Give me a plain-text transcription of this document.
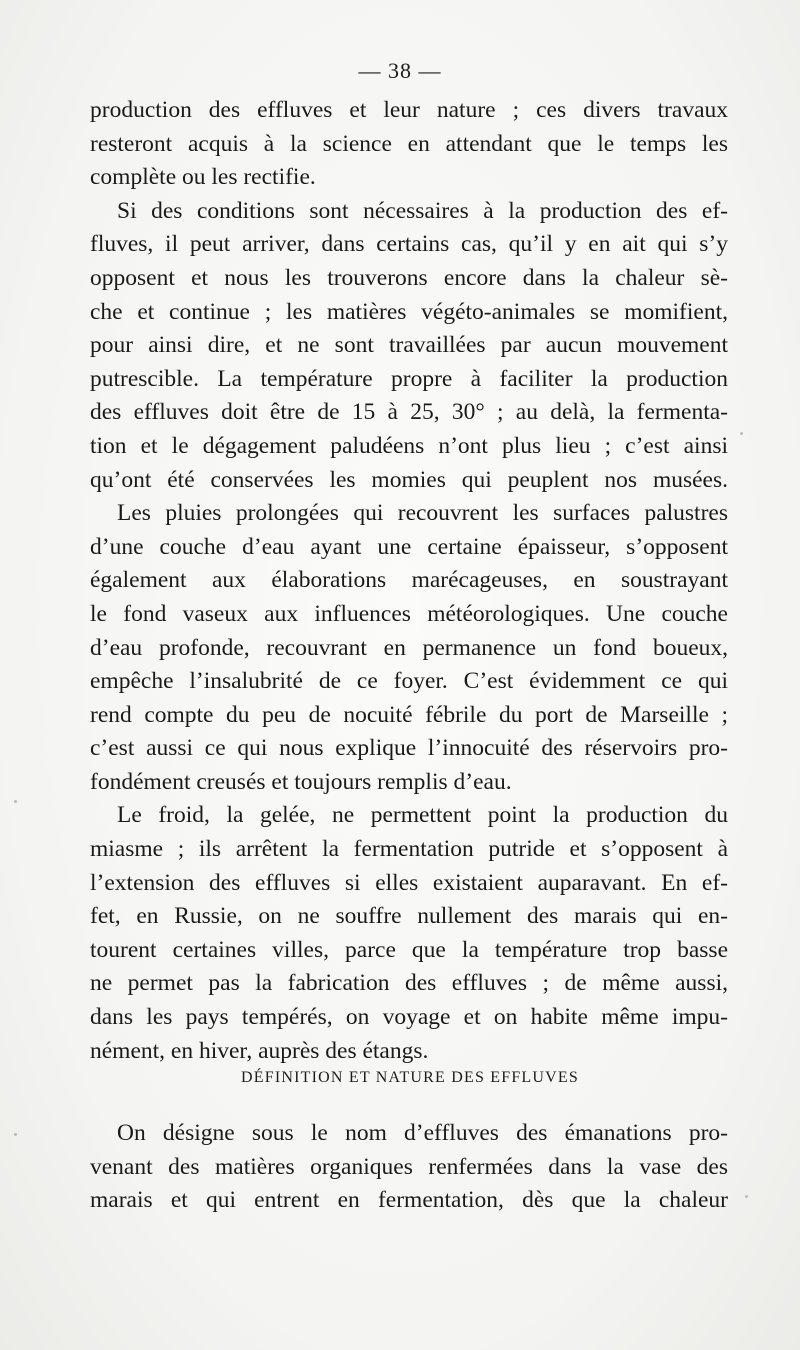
— 38 —
production des effluves et leur nature ; ces divers travaux
resteront acquis à la science en attendant que le temps les
complète ou les rectifie.
Si des conditions sont nécessaires à la production des ef-
fluves, il peut arriver, dans certains cas, qu’il y en ait qui s’y
opposent et nous les trouverons encore dans la chaleur sè-
che et continue ; les matières végéto-animales se momifient,
pour ainsi dire, et ne sont travaillées par aucun mouvement
putrescible. La température propre à faciliter la production
des effluves doit être de 15 à 25, 30° ; au delà, la fermenta-
tion et le dégagement paludéens n’ont plus lieu ; c’est ainsi
qu’ont été conservées les momies qui peuplent nos musées.
Les pluies prolongées qui recouvrent les surfaces palustres
d’une couche d’eau ayant une certaine épaisseur, s’opposent
également aux élaborations marécageuses, en soustrayant
le fond vaseux aux influences météorologiques. Une couche
d’eau profonde, recouvrant en permanence un fond boueux,
empêche l’insalubrité de ce foyer. C’est évidemment ce qui
rend compte du peu de nocuité fébrile du port de Marseille ;
c’est aussi ce qui nous explique l’innocuité des réservoirs pro-
fondément creusés et toujours remplis d’eau.
Le froid, la gelée, ne permettent point la production du
miasme ; ils arrêtent la fermentation putride et s’opposent à
l’extension des effluves si elles existaient auparavant. En ef-
fet, en Russie, on ne souffre nullement des marais qui en-
tourent certaines villes, parce que la température trop basse
ne permet pas la fabrication des effluves ; de même aussi,
dans les pays tempérés, on voyage et on habite même impu-
nément, en hiver, auprès des étangs.
DÉFINITION ET NATURE DES EFFLUVES
On désigne sous le nom d’effluves des émanations pro-
venant des matières organiques renfermées dans la vase des
marais et qui entrent en fermentation, dès que la chaleur
